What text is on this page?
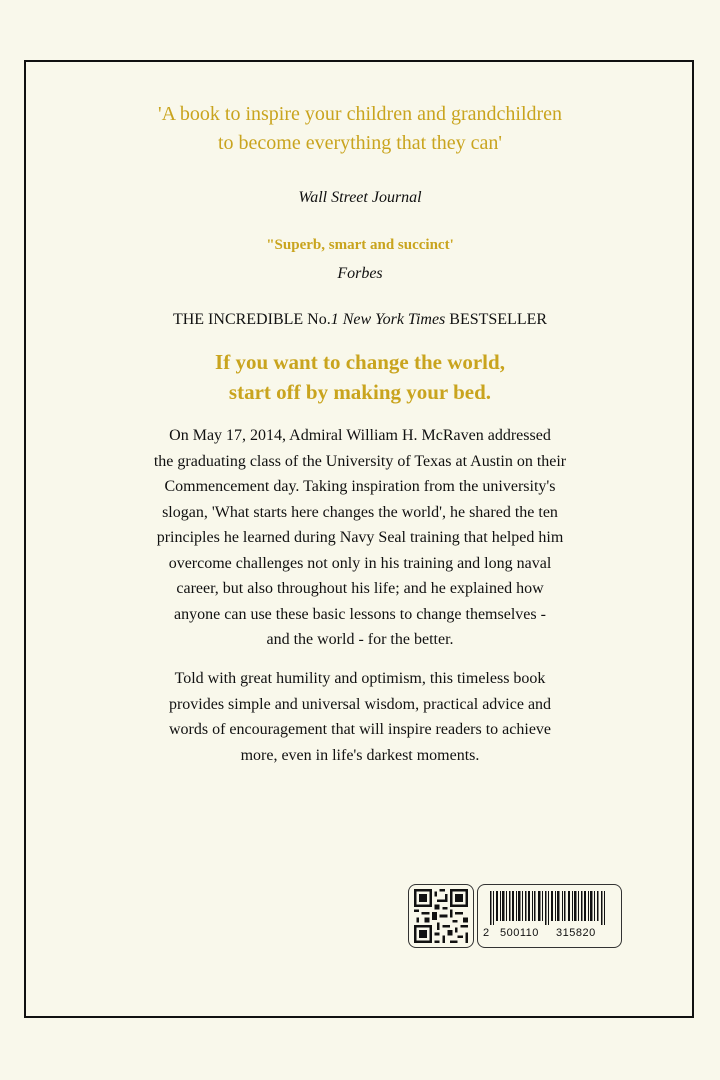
'A book to inspire your children and grandchildren
to become everything that they can'
Wall Street Journal
"Superb, smart and succinct'
Forbes
THE INCREDIBLE No.1 New York Times BESTSELLER
If you want to change the world,
start off by making your bed.
On May 17, 2014, Admiral William H. McRaven addressed
the graduating class of the University of Texas at Austin on their
Commencement day. Taking inspiration from the university's
slogan, 'What starts here changes the world', he shared the ten
principles he learned during Navy Seal training that helped him
overcome challenges not only in his training and long naval
career, but also throughout his life; and he explained how
anyone can use these basic lessons to change themselves -
and the world - for the better.
Told with great humility and optimism, this timeless book
provides simple and universal wisdom, practical advice and
words of encouragement that will inspire readers to achieve
more, even in life's darkest moments.
2 500110 315820
